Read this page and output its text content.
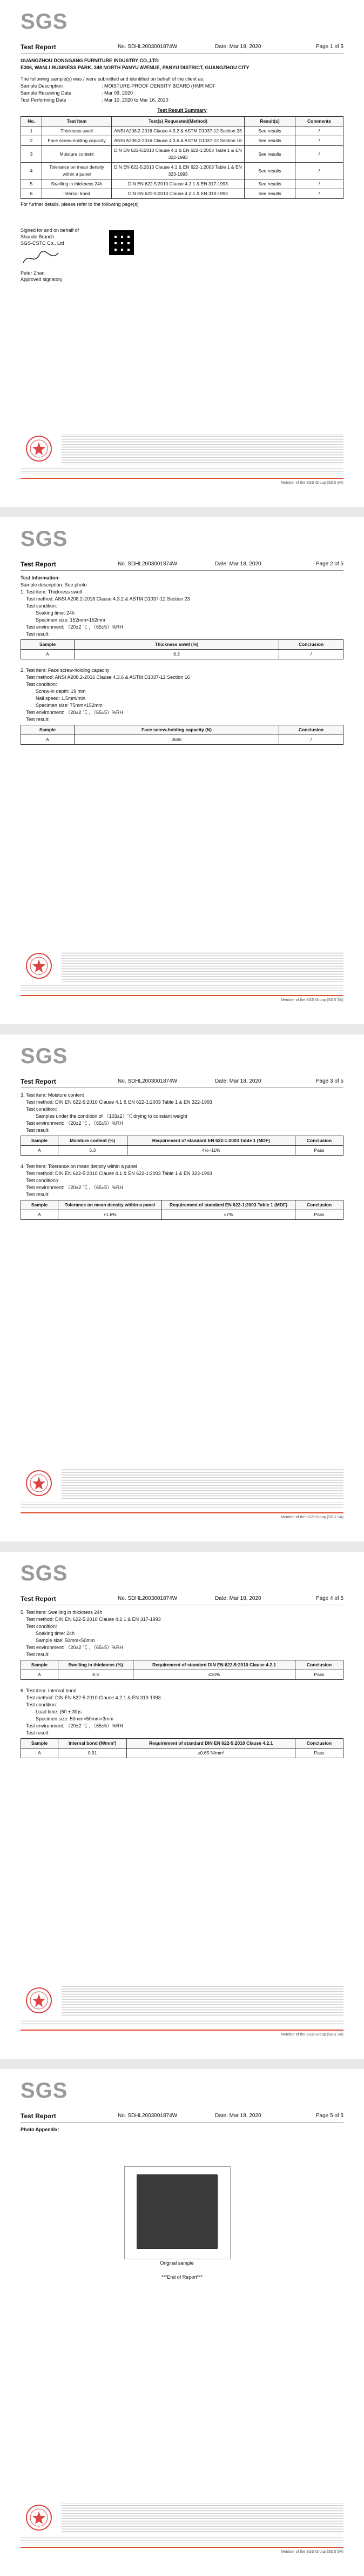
SGS
Test Report	No. SDHL2003001874W	Date: Mar 18, 2020	Page 1 of 5
GUANGZHOU DONGGANG FURNITURE INDUSTRY CO.,LTD
E306, WANLI BUSINESS PARK, 348 NORTH PANYU AVENUE, PANYU DISTRICT, GUANGZHOU CITY
The following sample(s) was / were submitted and identified on behalf of the client as:
Sample Description	: MOISTURE-PROOF DENSITY BOARD (HMR MDF
Sample Receiving Date	: Mar 09, 2020
Test Performing Date	: Mar 10, 2020 to Mar 16, 2020
Test Result Summary
No.	Test Item	Test(s) Requested(Method)	Result(s)	Comments
1	Thickness swell	ANSI A208.2-2016 Clause 4.3.2 & ASTM D1037-12 Section 23	See results	/
2	Face screw-holding capacity	ANSI A208.2-2016 Clause 4.3.6 & ASTM D1037-12 Section 16	See results	/
3	Moisture content	DIN EN 622-5:2010 Clause 4.1 & EN 622-1:2003 Table 1 & EN 322-1993	See results	/
4	Tolerance on mean density within a panel	DIN EN 622-5:2010 Clause 4.1 & EN 622-1:2003 Table 1 & EN 323-1993	See results	/
5	Swelling in thickness 24h	DIN EN 622-5:2010 Clause 4.2.1 & EN 317-1993	See results	/
6	Internal bond	DIN EN 622-5:2010 Clause 4.2.1 & EN 319-1993	See results	/
For further details, please refer to the following page(s)
Signed for and on behalf of
Shunde Branch
SGS-CSTC Co., Ltd
Peter Zhao
Approved signatory
Member of the SGS Group (SGS SA)
SGS
Test Report	No. SDHL2003001874W	Date: Mar 18, 2020	Page 2 of 5
Test Information:
Sample description: See photo
1. Test item: Thickness swell
Test method: ANSI A208.2-2016 Clause 4.3.2 & ASTM D1037-12 Section 23
Test condition:
Soaking time: 24h
Specimen size: 152mm×152mm
Test environment: （20±2 ℃ ，（65±5）%RH
Test result:
Sample	Thickness swell (%)	Conclusion
A	6.3	/
2. Test item: Face screw-holding capacity
Test method: ANSI A208.2-2016 Clause 4.3.6 & ASTM D1037-12 Section 16
Test condition:
Screw-in depth: 19 mm
Nail speed: 1.5mm/min
Specimen size: 75mm×152mm
Test environment: （20±2 ℃ ，（65±5）%RH
Test result:
Sample	Face screw-holding capacity (N)	Conclusion
A	3665	/
Member of the SGS Group (SGS SA)
SGS
Test Report	No. SDHL2003001874W	Date: Mar 18, 2020	Page 3 of 5
3. Test item: Moisture content
Test method: DIN EN 622-5:2010 Clause 4.1 & EN 622-1:2003 Table 1 & EN 322-1993
Test condition:
Samples under the condition of （103±2）℃ drying to constant weight
Test environment: （20±2 ℃ ，（65±5）%RH
Test result:
Sample	Moisture content (%)	Requirement of standard EN 622-1:2003 Table 1 (MDF)	Conclusion
A	5.3	4%~11%	Pass
4. Test item: Tolerance on mean density within a panel
Test method: DIN EN 622-5:2010 Clause 4.1 & EN 622-1:2003 Table 1 & EN 323-1993
Test condition:/
Test environment: （20±2 ℃ ，（65±5）%RH
Test result:
Sample	Tolerance on mean density within a panel	Requirement of standard EN 622-1:2003 Table 1 (MDF)	Conclusion
A	+1.6%	±7%	Pass
Member of the SGS Group (SGS SA)
SGS
Test Report	No. SDHL2003001874W	Date: Mar 18, 2020	Page 4 of 5
5. Test item: Swelling in thickness 24h
Test method: DIN EN 622-5:2010 Clause 4.2.1 & EN 317-1993
Test condition:
Soaking time: 24h
Sample size: 50mm×50mm
Test environment: （20±2 ℃ ，（65±5）%RH
Test result:
Sample	Swelling in thickness (%)	Requirement of standard DIN EN 622-5:2010 Clause 4.2.1	Conclusion
A	8.3	≤10%	Pass
6. Test item: Internal bond
Test method: DIN EN 622-5:2010 Clause 4.2.1 & EN 319-1993
Test condition:
Load time: (60 ± 30)s
Specimen size: 50mm×50mm×3mm
Test environment: （20±2 ℃ ，（65±5）%RH
Test result:
Sample	Internal bond (N/mm²)	Requirement of standard DIN EN 622-5:2010 Clause 4.2.1	Conclusion
A	0.91	≥0.65 N/mm²	Pass
Member of the SGS Group (SGS SA)
SGS
Test Report	No. SDHL2003001874W	Date: Mar 18, 2020	Page 5 of 5
Photo Appendix:
Original sample
***End of Report***
Member of the SGS Group (SGS SA)
